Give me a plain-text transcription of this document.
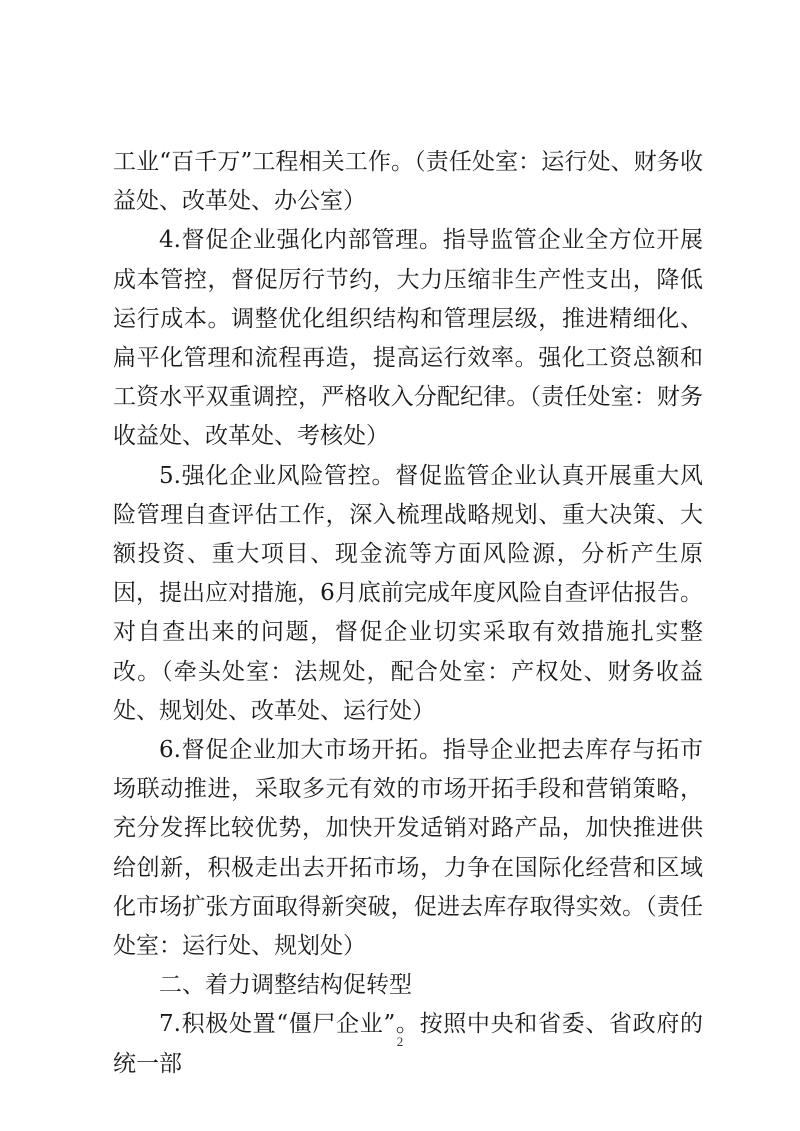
工业“百千万”工程相关工作。（责任处室：运行处、财务收益处、改革处、办公室）

4.督促企业强化内部管理。指导监管企业全方位开展成本管控，督促厉行节约，大力压缩非生产性支出，降低运行成本。调整优化组织结构和管理层级，推进精细化、扁平化管理和流程再造，提高运行效率。强化工资总额和工资水平双重调控，严格收入分配纪律。（责任处室：财务收益处、改革处、考核处）

5.强化企业风险管控。督促监管企业认真开展重大风险管理自查评估工作，深入梳理战略规划、重大决策、大额投资、重大项目、现金流等方面风险源，分析产生原因，提出应对措施，6月底前完成年度风险自查评估报告。对自查出来的问题，督促企业切实采取有效措施扎实整改。（牵头处室：法规处，配合处室：产权处、财务收益处、规划处、改革处、运行处）

6.督促企业加大市场开拓。指导企业把去库存与拓市场联动推进，采取多元有效的市场开拓手段和营销策略，充分发挥比较优势，加快开发适销对路产品，加快推进供给创新，积极走出去开拓市场，力争在国际化经营和区域化市场扩张方面取得新突破，促进去库存取得实效。（责任处室：运行处、规划处）

二、着力调整结构促转型

7.积极处置“僵尸企业”。按照中央和省委、省政府的统一部

2
